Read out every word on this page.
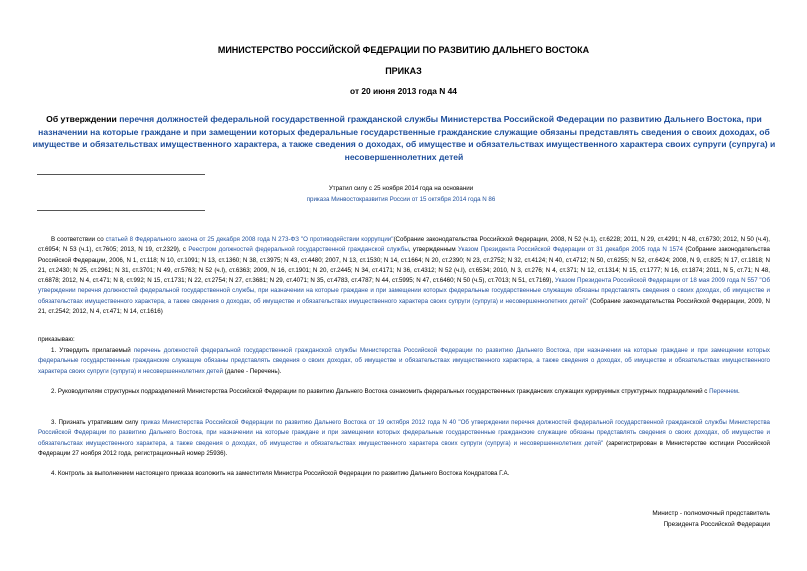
МИНИСТЕРСТВО РОССИЙСКОЙ ФЕДЕРАЦИИ ПО РАЗВИТИЮ ДАЛЬНЕГО ВОСТОКА
ПРИКАЗ
от 20 июня 2013 года N 44
Об утверждении перечня должностей федеральной государственной гражданской службы Министерства Российской Федерации по развитию Дальнего Востока, при назначении на которые граждане и при замещении которых федеральные государственные гражданские служащие обязаны представлять сведения о своих доходах, об имуществе и обязательствах имущественного характера, а также сведения о доходах, об имуществе и обязательствах имущественного характера своих супруги (супруга) и несовершеннолетних детей
Утратил силу с 25 ноября 2014 года на основании
приказа Минвостокразвития России от 15 октября 2014 года N 86
В соответствии со статьей 8 Федерального закона от 25 декабря 2008 года N 273-ФЗ "О противодействии коррупции"(Собрание законодательства Российской Федерации, 2008, N 52 (ч.1), ст.6228; 2011, N 29, ст.4291; N 48, ст.6730; 2012, N 50 (ч.4), ст.6954; N 53 (ч.1), ст.7605; 2013, N 19, ст.2329), с Реестром должностей федеральной государственной гражданской службы, утвержденным Указом Президента Российской Федерации от 31 декабря 2005 года N 1574 (Собрание законодательства Российской Федерации, 2006, N 1, ст.118; N 10, ст.1091; N 13, ст.1360; N 38, ст.3975; N 43, ст.4480; 2007, N 13, ст.1530; N 14, ст.1664; N 20, ст.2390; N 23, ст.2752; N 32, ст.4124; N 40, ст.4712; N 50, ст.6255; N 52, ст.6424; 2008, N 9, ст.825; N 17, ст.1818; N 21, ст.2430; N 25, ст.2961; N 31, ст.3701; N 49, ст.5763; N 52 (ч.I), ст.6363; 2009, N 16, ст.1901; N 20, ст.2445; N 34, ст.4171; N 36, ст.4312; N 52 (ч.I), ст.6534; 2010, N 3, ст.276; N 4, ст.371; N 12, ст.1314; N 15, ст.1777; N 16, ст.1874; 2011, N 5, ст.71; N 48, ст.6878; 2012, N 4, ст.471; N 8, ст.992; N 15, ст.1731; N 22, ст.2754; N 27, ст.3681; N 29, ст.4071; N 35, ст.4783, ст.4787; N 44, ст.5995; N 47, ст.6460; N 50 (ч.5), ст.7013; N 51, ст.7169), Указом Президента Российской Федерации от 18 мая 2009 года N 557 "Об утверждении перечня должностей федеральной государственной службы, при назначении на которые граждане и при замещении которых федеральные государственные служащие обязаны представлять сведения о своих доходах, об имуществе и обязательствах имущественного характера, а также сведения о доходах, об имуществе и обязательствах имущественного характера своих супруги (супруга) и несовершеннолетних детей" (Собрание законодательства Российской Федерации, 2009, N 21, ст.2542; 2012, N 4, ст.471; N 14, ст.1616)
приказываю:
1. Утвердить прилагаемый перечень должностей федеральной государственной гражданской службы Министерства Российской Федерации по развитию Дальнего Востока, при назначении на которые граждане и при замещении которых федеральные государственные гражданские служащие обязаны представлять сведения о своих доходах, об имуществе и обязательствах имущественного характера, а также сведения о доходах, об имуществе и обязательствах имущественного характера своих супруги (супруга) и несовершеннолетних детей (далее - Перечень).
2. Руководителям структурных подразделений Министерства Российской Федерации по развитию Дальнего Востока ознакомить федеральных государственных гражданских служащих курируемых структурных подразделений с Перечнем.
3. Признать утратившим силу приказ Министерства Российской Федерации по развитию Дальнего Востока от 19 октября 2012 года N 40 "Об утверждении перечня должностей федеральной государственной гражданской службы Министерства Российской Федерации по развитию Дальнего Востока, при назначении на которые граждане и при замещении которых федеральные государственные гражданские служащие обязаны представлять сведения о своих доходах, об имуществе и обязательствах имущественного характера, а также сведения о доходах, об имуществе и обязательствах имущественного характера своих супруги (супруга) и несовершеннолетних детей" (зарегистрирован в Министерстве юстиции Российской Федерации 27 ноября 2012 года, регистрационный номер 25936).
4. Контроль за выполнением настоящего приказа возложить на заместителя Министра Российской Федерации по развитию Дальнего Востока Кондратова Г.А.
Министр - полномочный представитель
Президента Российской Федерации
